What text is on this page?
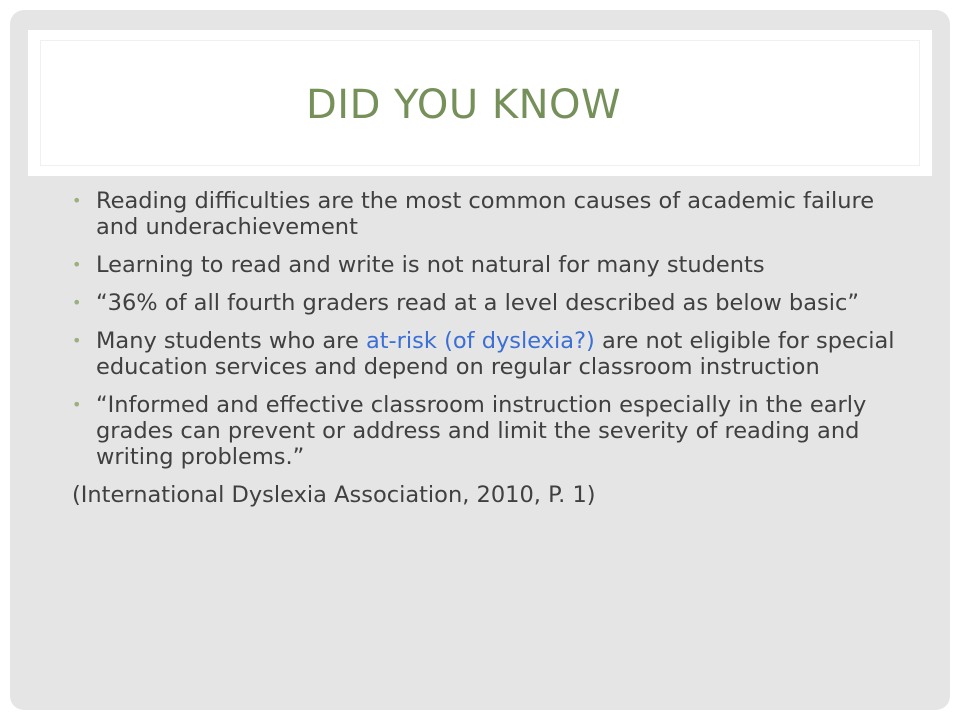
DID YOU KNOW
• Reading difficulties are the most common causes of academic failure and underachievement
• Learning to read and write is not natural for many students
• “36% of all fourth graders read at a level described as below basic”
• Many students who are at-risk (of dyslexia?) are not eligible for special education services and depend on regular classroom instruction
• “Informed and effective classroom instruction especially in the early grades can prevent or address and limit the severity of reading and writing problems.”
(International Dyslexia Association, 2010, P. 1)
